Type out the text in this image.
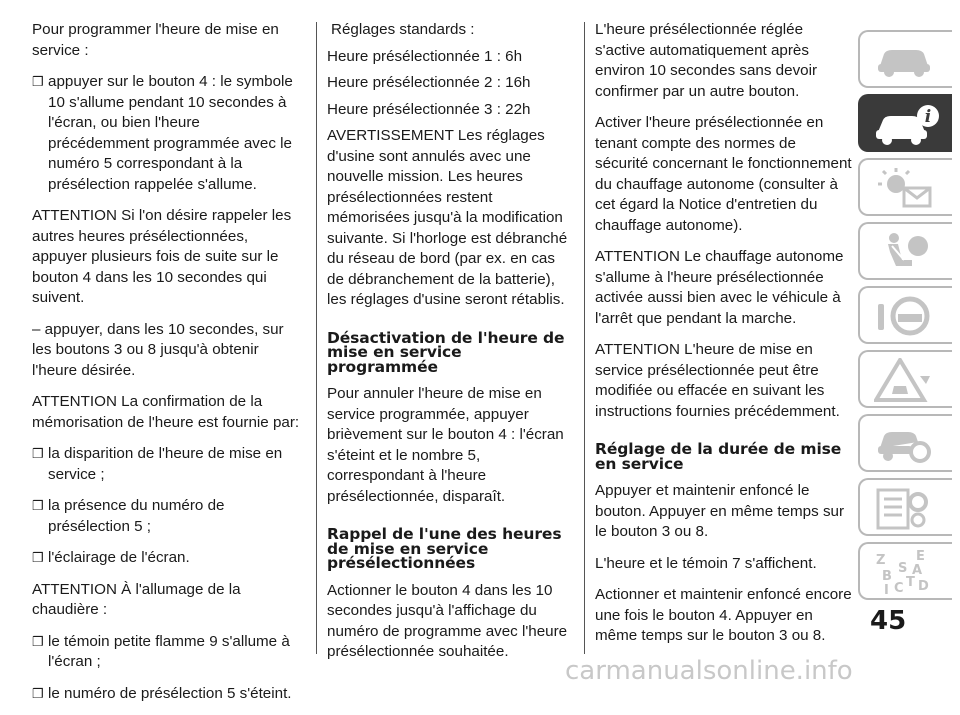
Pour programmer l'heure de mise en service :

❒ appuyer sur le bouton 4 : le symbole 10 s'allume pendant 10 secondes à l'écran, ou bien l'heure précédemment programmée avec le numéro 5 correspondant à la présélection rappelée s'allume.

ATTENTION Si l'on désire rappeler les autres heures présélectionnées, appuyer plusieurs fois de suite sur le bouton 4 dans les 10 secondes qui suivent.

– appuyer, dans les 10 secondes, sur les boutons 3 ou 8 jusqu'à obtenir l'heure désirée.

ATTENTION La confirmation de la mémorisation de l'heure est fournie par:

❒ la disparition de l'heure de mise en service ;
❒ la présence du numéro de présélection 5 ;
❒ l'éclairage de l'écran.

ATTENTION À l'allumage de la chaudière :

❒ le témoin petite flamme 9 s'allume à l'écran ;
❒ le numéro de présélection 5 s'éteint.

Réglages standards :

Heure présélectionnée 1 : 6h

Heure présélectionnée 2 : 16h

Heure présélectionnée 3 : 22h

AVERTISSEMENT Les réglages d'usine sont annulés avec une nouvelle mission. Les heures présélectionnées restent mémorisées jusqu'à la modification suivante. Si l'horloge est débranché du réseau de bord (par ex. en cas de débranchement de la batterie), les réglages d'usine seront rétablis.

Désactivation de l'heure de mise en service programmée

Pour annuler l'heure de mise en service programmée, appuyer brièvement sur le bouton 4 : l'écran s'éteint et le nombre 5, correspondant à l'heure présélectionnée, disparaît.

Rappel de l'une des heures de mise en service présélectionnées

Actionner le bouton 4 dans les 10 secondes jusqu'à l'affichage du numéro de programme avec l'heure présélectionnée souhaitée.

L'heure présélectionnée réglée s'active automatiquement après environ 10 secondes sans devoir confirmer par un autre bouton.

Activer l'heure présélectionnée en tenant compte des normes de sécurité concernant le fonctionnement du chauffage autonome (consulter à cet égard la Notice d'entretien du chauffage autonome).

ATTENTION Le chauffage autonome s'allume à l'heure présélectionnée activée aussi bien avec le véhicule à l'arrêt que pendant la marche.

ATTENTION L'heure de mise en service présélectionnée peut être modifiée ou effacée en suivant les instructions fournies précédemment.

Réglage de la durée de mise en service

Appuyer et maintenir enfoncé le bouton. Appuyer en même temps sur le bouton 3 ou 8.

L'heure et le témoin 7 s'affichent.

Actionner et maintenir enfoncé encore une fois le bouton 4. Appuyer en même temps sur le bouton 3 ou 8.

i
Z E
S
B A
C D
I
T
45
carmanualsonline.info
